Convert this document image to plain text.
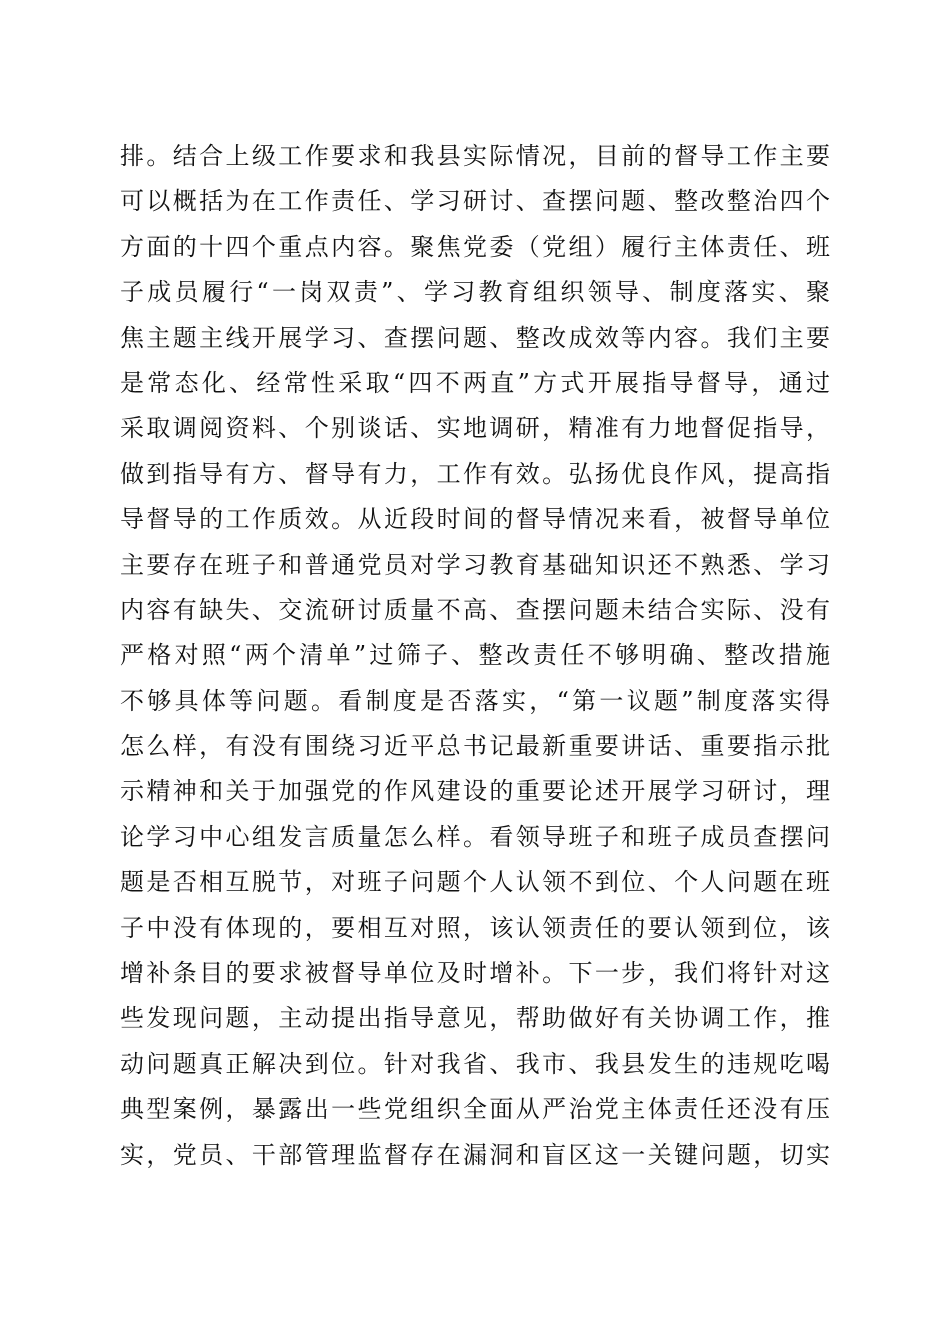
排。结合上级工作要求和我县实际情况，目前的督导工作主要
可以概括为在工作责任、学习研讨、查摆问题、整改整治四个
方面的十四个重点内容。聚焦党委（党组）履行主体责任、班
子成员履行“一岗双责”、学习教育组织领导、制度落实、聚
焦主题主线开展学习、查摆问题、整改成效等内容。我们主要
是常态化、经常性采取“四不两直”方式开展指导督导，通过
采取调阅资料、个别谈话、实地调研，精准有力地督促指导，
做到指导有方、督导有力，工作有效。弘扬优良作风，提高指
导督导的工作质效。从近段时间的督导情况来看，被督导单位
主要存在班子和普通党员对学习教育基础知识还不熟悉、学习
内容有缺失、交流研讨质量不高、查摆问题未结合实际、没有
严格对照“两个清单”过筛子、整改责任不够明确、整改措施
不够具体等问题。看制度是否落实，“第一议题”制度落实得
怎么样，有没有围绕习近平总书记最新重要讲话、重要指示批
示精神和关于加强党的作风建设的重要论述开展学习研讨，理
论学习中心组发言质量怎么样。看领导班子和班子成员查摆问
题是否相互脱节，对班子问题个人认领不到位、个人问题在班
子中没有体现的，要相互对照，该认领责任的要认领到位，该
增补条目的要求被督导单位及时增补。下一步，我们将针对这
些发现问题，主动提出指导意见，帮助做好有关协调工作，推
动问题真正解决到位。针对我省、我市、我县发生的违规吃喝
典型案例，暴露出一些党组织全面从严治党主体责任还没有压
实，党员、干部管理监督存在漏洞和盲区这一关键问题，切实
